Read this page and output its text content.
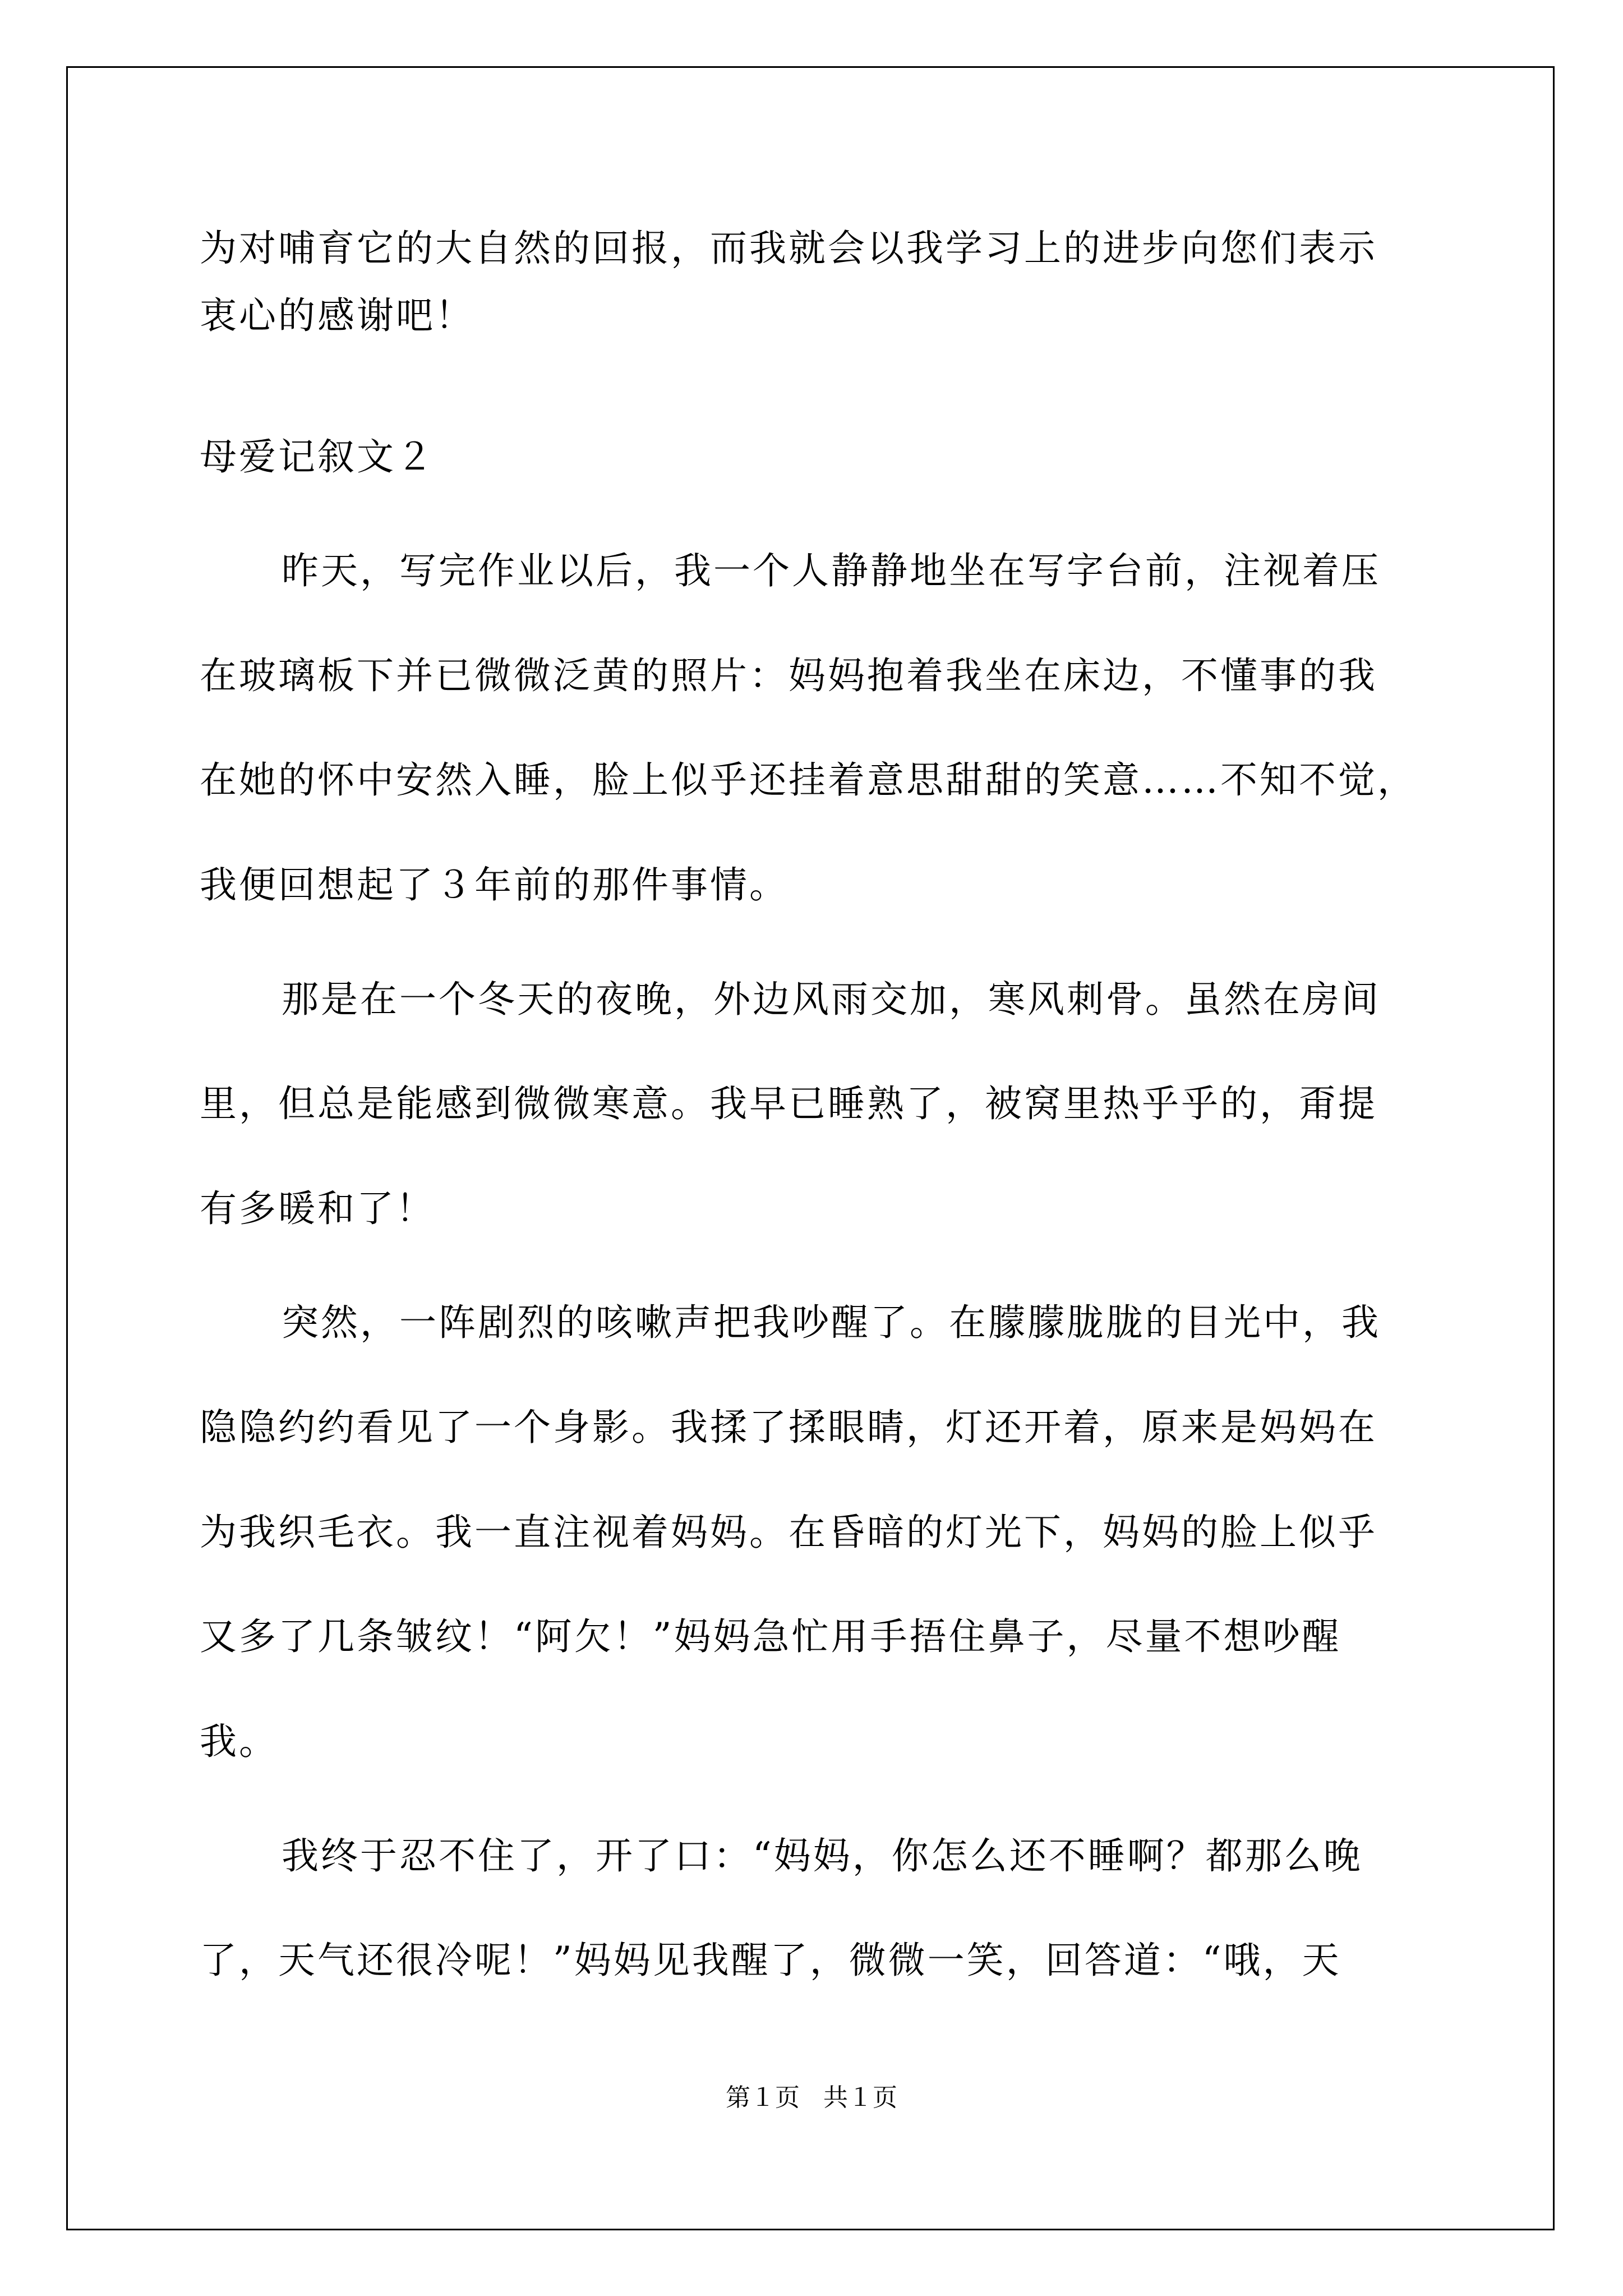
为对哺育它的大自然的回报，而我就会以我学习上的进步向您们表示
衷心的感谢吧！
母爱记叙文２
昨天，写完作业以后，我一个人静静地坐在写字台前，注视着压
在玻璃板下并已微微泛黄的照片：妈妈抱着我坐在床边，不懂事的我
在她的怀中安然入睡，脸上似乎还挂着意思甜甜的笑意……不知不觉，
我便回想起了３年前的那件事情。
那是在一个冬天的夜晚，外边风雨交加，寒风刺骨。虽然在房间
里，但总是能感到微微寒意。我早已睡熟了，被窝里热乎乎的，甭提
有多暖和了！
突然，一阵剧烈的咳嗽声把我吵醒了。在朦朦胧胧的目光中，我
隐隐约约看见了一个身影。我揉了揉眼睛，灯还开着，原来是妈妈在
为我织毛衣。我一直注视着妈妈。在昏暗的灯光下，妈妈的脸上似乎
又多了几条皱纹！“阿欠！”妈妈急忙用手捂住鼻子，尽量不想吵醒
我。
我终于忍不住了，开了口：“妈妈，你怎么还不睡啊？都那么晚
了，天气还很冷呢！”妈妈见我醒了，微微一笑，回答道：“哦，天
第１页 共１页
